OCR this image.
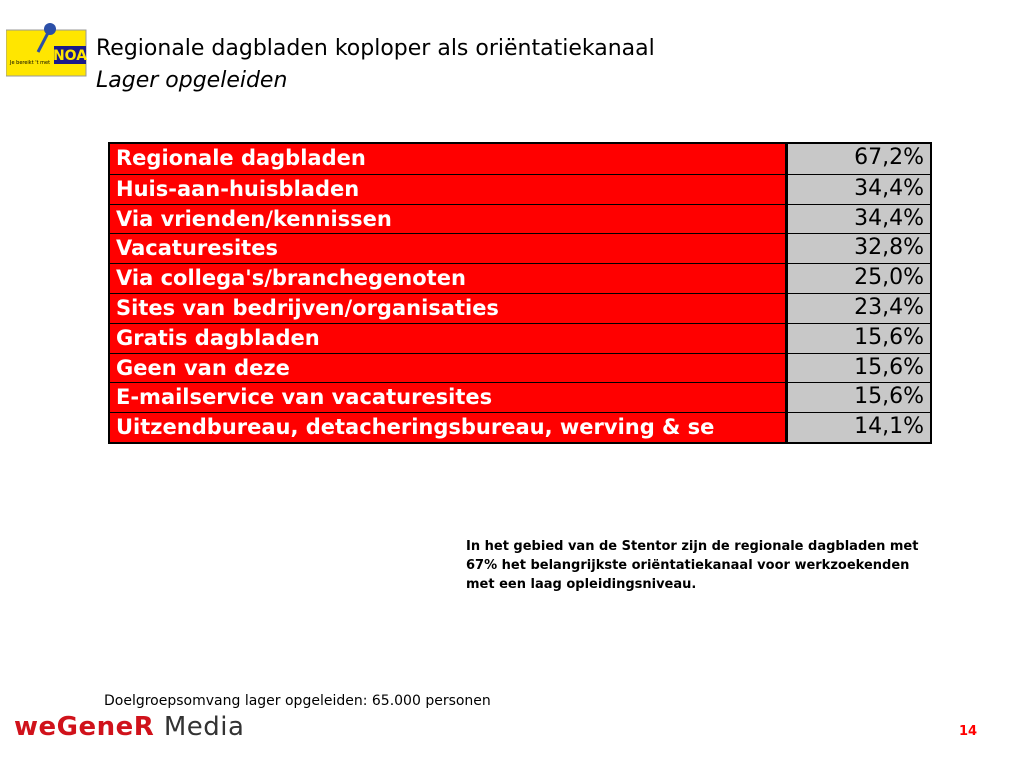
NOA
Je bereikt 't met
Regionale dagbladen koploper als oriëntatiekanaal
Lager opgeleiden
Regionale dagbladen	67,2%
Huis-aan-huisbladen	34,4%
Via vrienden/kennissen	34,4%
Vacaturesites	32,8%
Via collega's/branchegenoten	25,0%
Sites van bedrijven/organisaties	23,4%
Gratis dagbladen	15,6%
Geen van deze	15,6%
E-mailservice van vacaturesites	15,6%
Uitzendbureau, detacheringsbureau, werving & se	14,1%
In het gebied van de Stentor zijn de regionale dagbladen met 67% het belangrijkste oriëntatiekanaal voor werkzoekenden met een laag opleidingsniveau.
Doelgroepsomvang lager opgeleiden: 65.000 personen
weGeneR Media	14
